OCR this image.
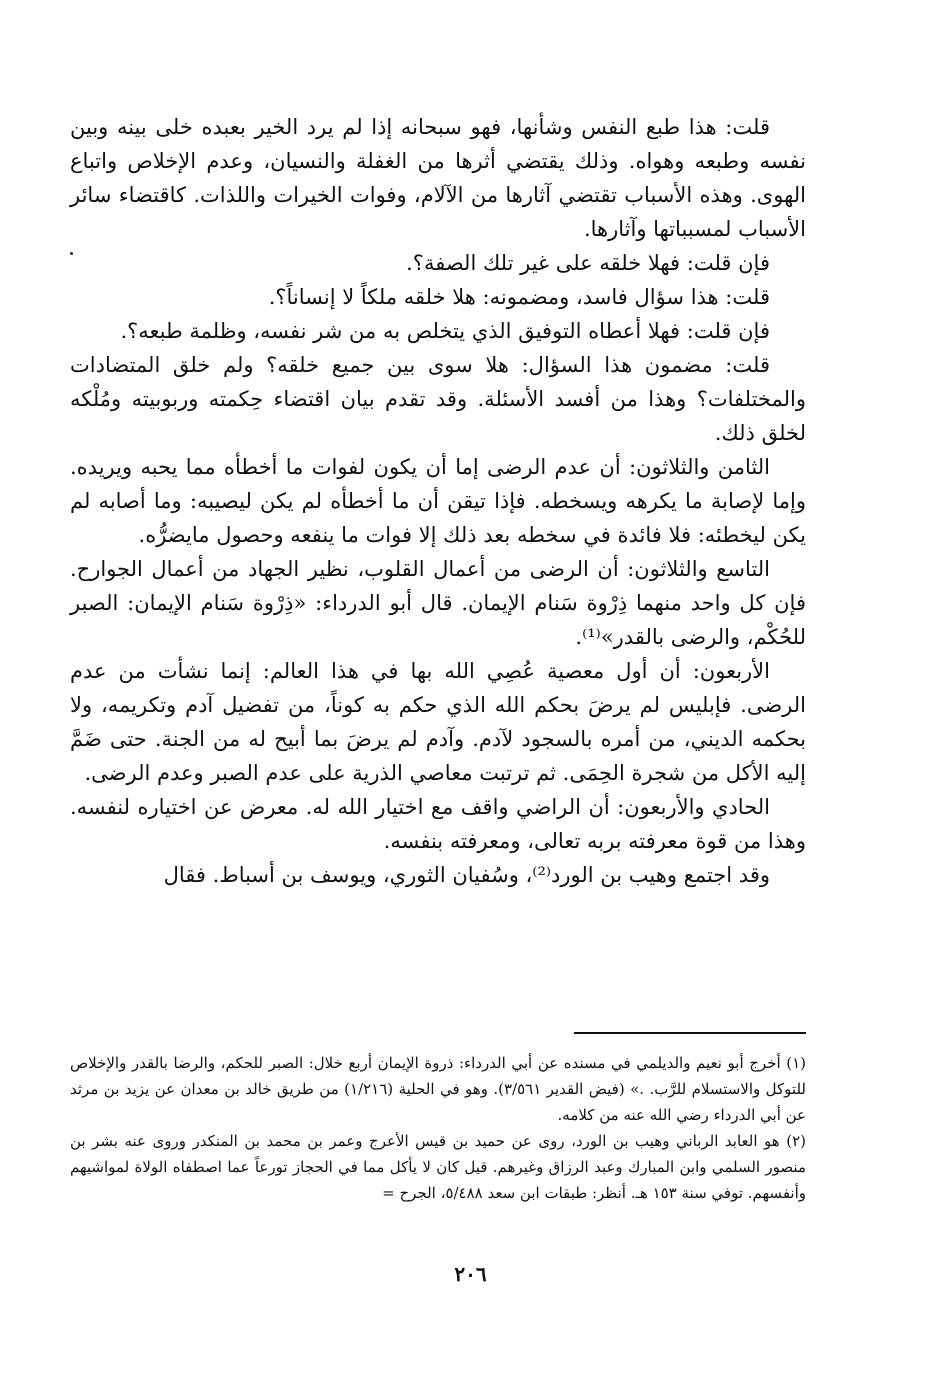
قلت: هذا طبع النفس وشأنها، فهو سبحانه إذا لم يرد الخير بعبده خلى بينه وبين نفسه وطبعه وهواه. وذلك يقتضي أثرها من الغفلة والنسيان، وعدم الإخلاص واتباع الهوى. وهذه الأسباب تقتضي آثارها من الآلام، وفوات الخيرات واللذات. كاقتضاء سائر الأسباب لمسبباتها وآثارها.

فإن قلت: فهلا خلقه على غير تلك الصفة؟.

قلت: هذا سؤال فاسد، ومضمونه: هلا خلقه ملكاً لا إنساناً؟.

فإن قلت: فهلا أعطاه التوفيق الذي يتخلص به من شر نفسه، وظلمة طبعه؟.

قلت: مضمون هذا السؤال: هلا سوى بين جميع خلقه؟ ولم خلق المتضادات والمختلفات؟ وهذا من أفسد الأسئلة. وقد تقدم بيان اقتضاء حِكمته وربوبيته ومُلْكه لخلق ذلك.

الثامن والثلاثون: أن عدم الرضى إما أن يكون لفوات ما أخطأه مما يحبه ويريده. وإما لإصابة ما يكرهه ويسخطه. فإذا تيقن أن ما أخطأه لم يكن ليصيبه: وما أصابه لم يكن ليخطئه: فلا فائدة في سخطه بعد ذلك إلا فوات ما ينفعه وحصول مايضرُّه.

التاسع والثلاثون: أن الرضى من أعمال القلوب، نظير الجهاد من أعمال الجوارح. فإن كل واحد منهما ذِرْوة سَنام الإيمان. قال أبو الدرداء: «ذِرْوة سَنام الإيمان: الصبر للحُكْم، والرضى بالقدر»⁽¹⁾.

الأربعون: أن أول معصية عُصِي الله بها في هذا العالم: إنما نشأت من عدم الرضى. فإبليس لم يرضَ بحكم الله الذي حكم به كوناً، من تفضيل آدم وتكريمه، ولا بحكمه الديني، من أمره بالسجود لآدم. وآدم لم يرضَ بما أبيح له من الجنة. حتى ضَمَّ إليه الأكل من شجرة الحِمَى. ثم ترتبت معاصي الذرية على عدم الصبر وعدم الرضى.

الحادي والأربعون: أن الراضي واقف مع اختيار الله له. معرض عن اختياره لنفسه. وهذا من قوة معرفته بربه تعالى، ومعرفته بنفسه.

وقد اجتمع وهيب بن الورد⁽²⁾، وسُفيان الثوري، ويوسف بن أسباط. فقال

(١) أخرج أبو نعيم والديلمي في مسنده عن أبي الدرداء: ذروة الإيمان أربع خلال: الصبر للحكم، والرضا بالقدر والإخلاص للتوكل والاستسلام للرَّب. .» (فيض القدير ٣/٥٦١). وهو في الحلية (١/٢١٦) من طريق خالد بن معدان عن يزيد بن مرثد عن أبي الدرداء رضي الله عنه من كلامه.

(٢) هو العابد الرباني وهيب بن الورد، روى عن حميد بن قيس الأعرج وعمر بن محمد بن المنكدر وروى عنه بشر بن منصور السلمي وابن المبارك وعبد الرزاق وغيرهم. قيل كان لا يأكل مما في الحجاز تورعاً عما اصطفاه الولاة لمواشيهم وأنفسهم. توفي سنة ١٥٣ هـ. أنظر: طبقات ابن سعد ٥/٤٨٨، الجرح =

٢٠٦
